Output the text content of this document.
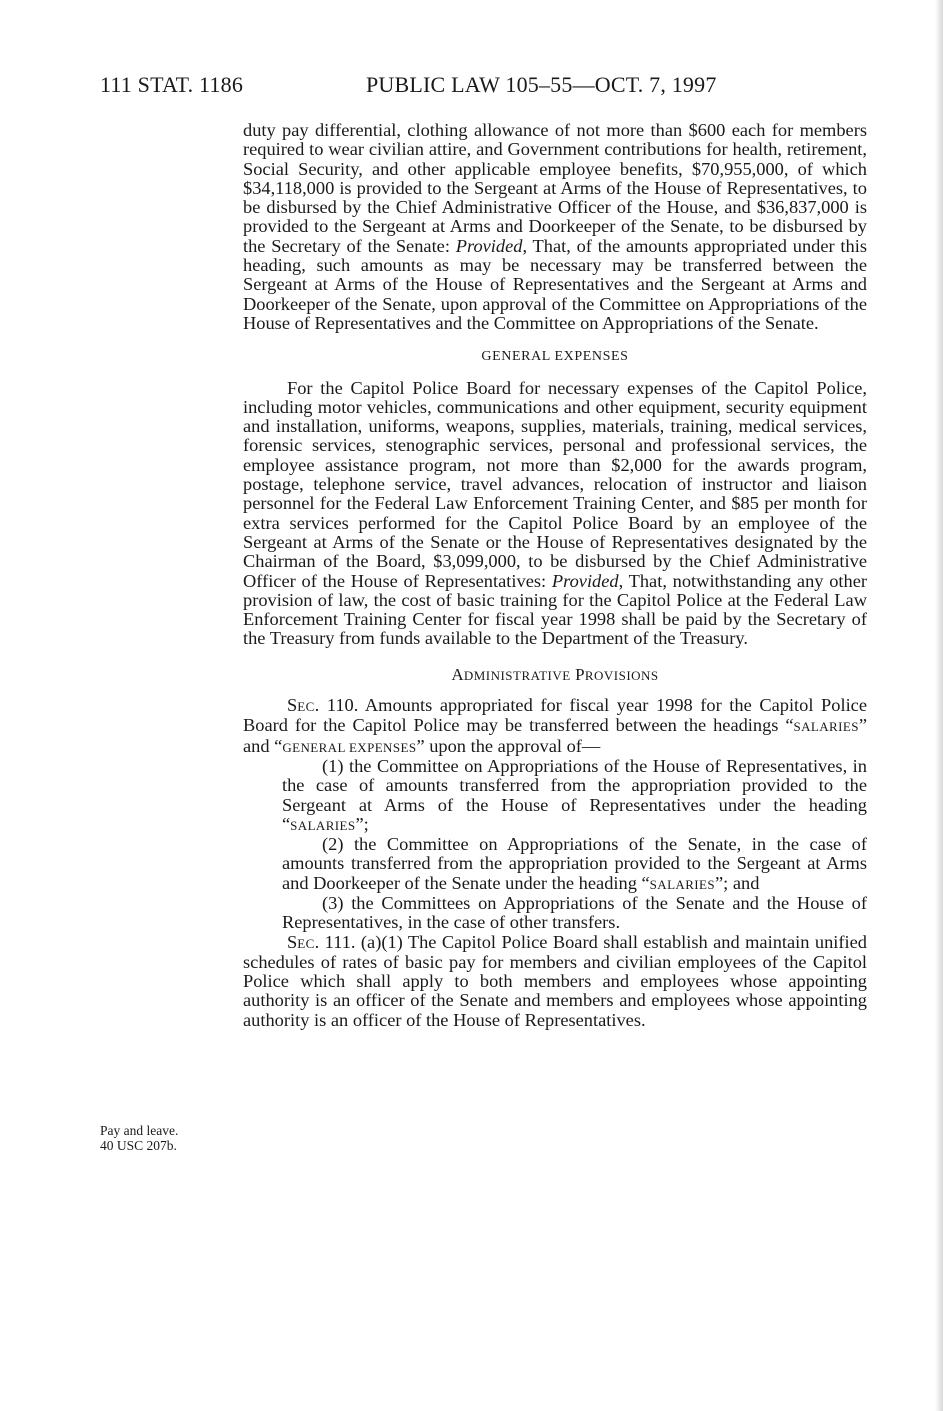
111 STAT. 1186	PUBLIC LAW 105–55—OCT. 7, 1997

duty pay differential, clothing allowance of not more than $600 each for members required to wear civilian attire, and Government contributions for health, retirement, Social Security, and other applicable employee benefits, $70,955,000, of which $34,118,000 is provided to the Sergeant at Arms of the House of Representatives, to be disbursed by the Chief Administrative Officer of the House, and $36,837,000 is provided to the Sergeant at Arms and Doorkeeper of the Senate, to be disbursed by the Secretary of the Senate: Provided, That, of the amounts appropriated under this heading, such amounts as may be necessary may be transferred between the Sergeant at Arms of the House of Representatives and the Sergeant at Arms and Doorkeeper of the Senate, upon approval of the Committee on Appropriations of the House of Representatives and the Committee on Appropriations of the Senate.

GENERAL EXPENSES

For the Capitol Police Board for necessary expenses of the Capitol Police, including motor vehicles, communications and other equipment, security equipment and installation, uniforms, weapons, supplies, materials, training, medical services, forensic services, stenographic services, personal and professional services, the employee assistance program, not more than $2,000 for the awards program, postage, telephone service, travel advances, relocation of instructor and liaison personnel for the Federal Law Enforcement Training Center, and $85 per month for extra services performed for the Capitol Police Board by an employee of the Sergeant at Arms of the Senate or the House of Representatives designated by the Chairman of the Board, $3,099,000, to be disbursed by the Chief Administrative Officer of the House of Representatives: Provided, That, notwithstanding any other provision of law, the cost of basic training for the Capitol Police at the Federal Law Enforcement Training Center for fiscal year 1998 shall be paid by the Secretary of the Treasury from funds available to the Department of the Treasury.

ADMINISTRATIVE PROVISIONS

SEC. 110. Amounts appropriated for fiscal year 1998 for the Capitol Police Board for the Capitol Police may be transferred between the headings “SALARIES” and “GENERAL EXPENSES” upon the approval of—

(1) the Committee on Appropriations of the House of Representatives, in the case of amounts transferred from the appropriation provided to the Sergeant at Arms of the House of Representatives under the heading “SALARIES”;

(2) the Committee on Appropriations of the Senate, in the case of amounts transferred from the appropriation provided to the Sergeant at Arms and Doorkeeper of the Senate under the heading “SALARIES”; and

(3) the Committees on Appropriations of the Senate and the House of Representatives, in the case of other transfers.

SEC. 111. (a)(1) The Capitol Police Board shall establish and maintain unified schedules of rates of basic pay for members and civilian employees of the Capitol Police which shall apply to both members and employees whose appointing authority is an officer of the Senate and members and employees whose appointing authority is an officer of the House of Representatives.

Pay and leave.
40 USC 207b.
